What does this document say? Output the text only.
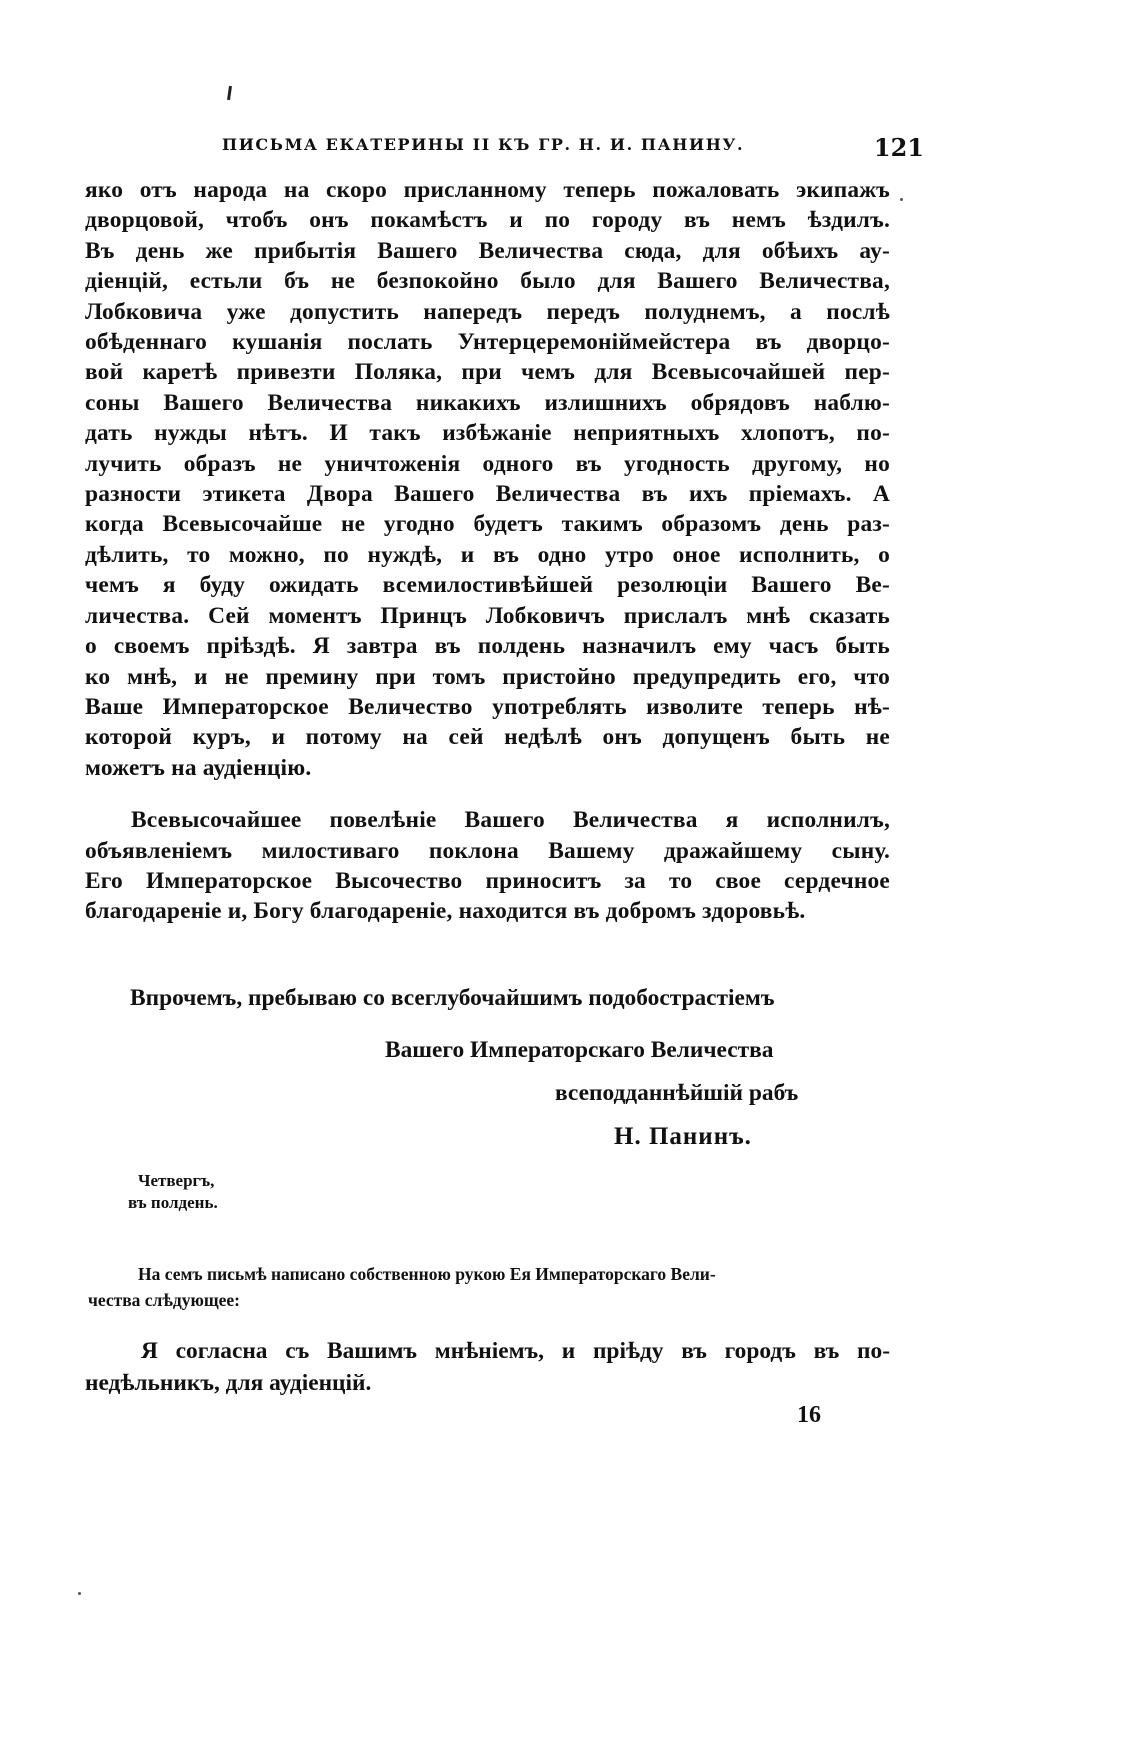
ПИСЬМА ЕКАТЕРИНЫ II КЪ ГР. Н. И. ПАНИНУ.	121

яко отъ народа на скоро присланному теперь пожаловать экипажъ
дворцовой, чтобъ онъ покамѣстъ и по городу въ немъ ѣздилъ.
Въ день же прибытія Вашего Величества сюда, для обѣихъ ау-
діенцій, естьли бъ не безпокойно было для Вашего Величества,
Лобковича уже допустить напередъ передъ полуднемъ, а послѣ
обѣденнаго кушанія послать Унтерцеремоніймейстера въ дворцо-
вой каретѣ привезти Поляка, при чемъ для Всевысочайшей пер-
соны Вашего Величества никакихъ излишнихъ обрядовъ наблю-
дать нужды нѣтъ. И такъ избѣжаніе неприятныхъ хлопотъ, по-
лучить образъ не уничтоженія одного въ угодность другому, но
разности этикета Двора Вашего Величества въ ихъ пріемахъ. А
когда Всевысочайше не угодно будетъ такимъ образомъ день раз-
дѣлить, то можно, по нуждѣ, и въ одно утро оное исполнить, о
чемъ я буду ожидать всемилостивѣйшей резолюціи Вашего Ве-
личества. Сей моментъ Принцъ Лобковичъ прислалъ мнѣ сказать
о своемъ пріѣздѣ. Я завтра въ полдень назначилъ ему часъ быть
ко мнѣ, и не премину при томъ пристойно предупредить его, что
Ваше Императорское Величество употреблять изволите теперь нѣ-
которой куръ, и потому на сей недѣлѣ онъ допущенъ быть не
можетъ на аудіенцію.

Всевысочайшее повелѣніе Вашего Величества я исполнилъ,
объявленіемъ милостиваго поклона Вашему дражайшему сыну.
Его Императорское Высочество приноситъ за то свое сердечное
благодареніе и, Богу благодареніе, находится въ добромъ здоровьѣ.

Впрочемъ, пребываю со всеглубочайшимъ подобострастіемъ
Вашего Императорскаго Величества
всеподданнѣйшій рабъ
Н. Панинъ.
Четвергъ,
въ полдень.
На семъ письмѣ написано собственною рукою Ея Императорскаго Вели-
чества слѣдующее:
Я согласна съ Вашимъ мнѣніемъ, и пріѣду въ городъ въ по-
недѣльникъ, для аудіенцій.
16
